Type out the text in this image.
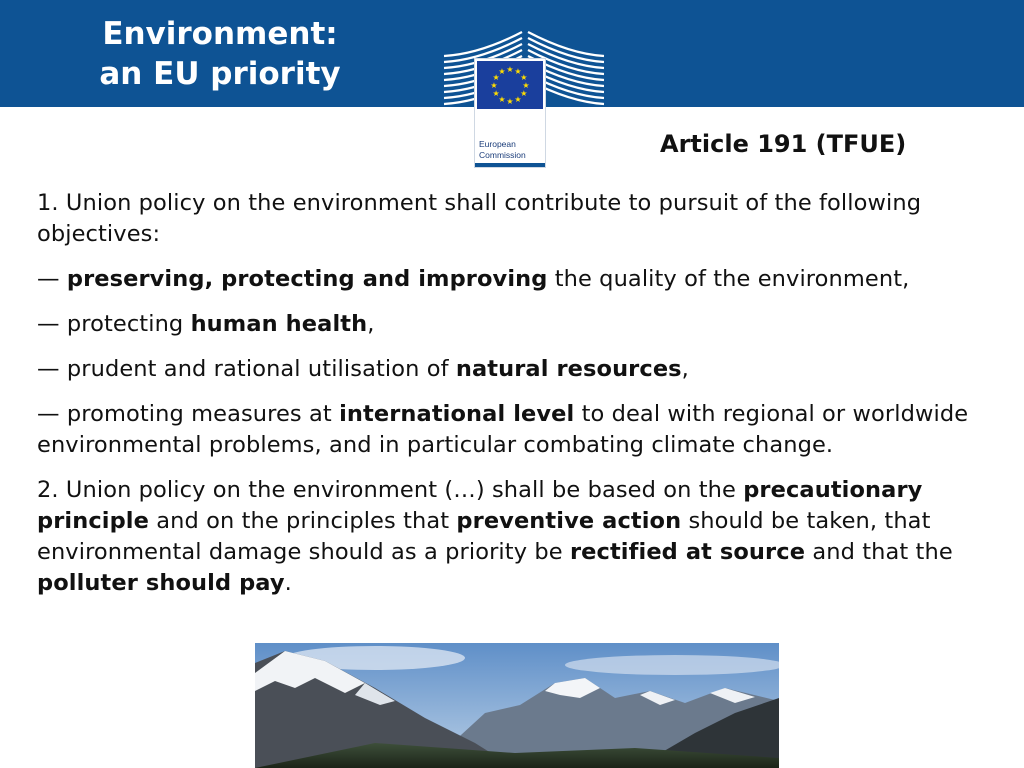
Environment:
an EU priority	★ ★
★
★
★
★
★
★
★
★
★
★
European
Commission	Article 191 (TFUE)

1. Union policy on the environment shall contribute to pursuit of the following objectives:

— preserving, protecting and improving the quality of the environment,

— protecting human health,

— prudent and rational utilisation of natural resources,

— promoting measures at international level to deal with regional or worldwide environmental problems, and in particular combating climate change.

2. Union policy on the environment (…) shall be based on the precautionary principle and on the principles that preventive action should be taken, that environmental damage should as a priority be rectified at source and that the polluter should pay.
